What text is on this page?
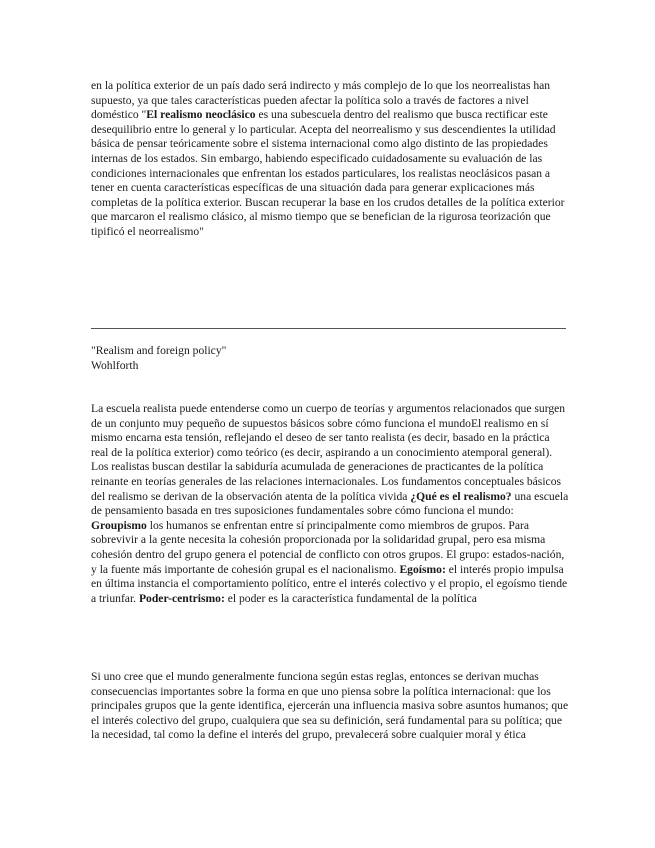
en la política exterior de un país dado será indirecto y más complejo de lo que los neorrealistas han supuesto, ya que tales características pueden afectar la política solo a través de factores a nivel doméstico "El realismo neoclásico es una subescuela dentro del realismo que busca rectificar este desequilibrio entre lo general y lo particular. Acepta del neorrealismo y sus descendientes la utilidad básica de pensar teóricamente sobre el sistema internacional como algo distinto de las propiedades internas de los estados. Sin embargo, habiendo especificado cuidadosamente su evaluación de las condiciones internacionales que enfrentan los estados particulares, los realistas neoclásicos pasan a tener en cuenta características específicas de una situación dada para generar explicaciones más completas de la política exterior. Buscan recuperar la base en los crudos detalles de la política exterior que marcaron el realismo clásico, al mismo tiempo que se benefician de la rigurosa teorización que tipificó el neorrealismo"

"Realism and foreign policy"
Wohlforth

La escuela realista puede entenderse como un cuerpo de teorías y argumentos relacionados que surgen de un conjunto muy pequeño de supuestos básicos sobre cómo funciona el mundoEl realismo en sí mismo encarna esta tensión, reflejando el deseo de ser tanto realista (es decir, basado en la práctica real de la política exterior) como teórico (es decir, aspirando a un conocimiento atemporal general). Los realistas buscan destilar la sabiduría acumulada de generaciones de practicantes de la política reinante en teorías generales de las relaciones internacionales. Los fundamentos conceptuales básicos del realismo se derivan de la observación atenta de la política vivida ¿Qué es el realismo? una escuela de pensamiento basada en tres suposiciones fundamentales sobre cómo funciona el mundo: Groupismo los humanos se enfrentan entre sí principalmente como miembros de grupos. Para sobrevivir a la gente necesita la cohesión proporcionada por la solidaridad grupal, pero esa misma cohesión dentro del grupo genera el potencial de conflicto con otros grupos. El grupo: estados-nación, y la fuente más importante de cohesión grupal es el nacionalismo. Egoísmo: el interés propio impulsa en última instancia el comportamiento político, entre el interés colectivo y el propio, el egoísmo tiende a triunfar. Poder-centrismo: el poder es la característica fundamental de la política

Si uno cree que el mundo generalmente funciona según estas reglas, entonces se derivan muchas consecuencias importantes sobre la forma en que uno piensa sobre la política internacional: que los principales grupos que la gente identifica, ejercerán una influencia masiva sobre asuntos humanos; que el interés colectivo del grupo, cualquiera que sea su definición, será fundamental para su política; que la necesidad, tal como la define el interés del grupo, prevalecerá sobre cualquier moral y ética
